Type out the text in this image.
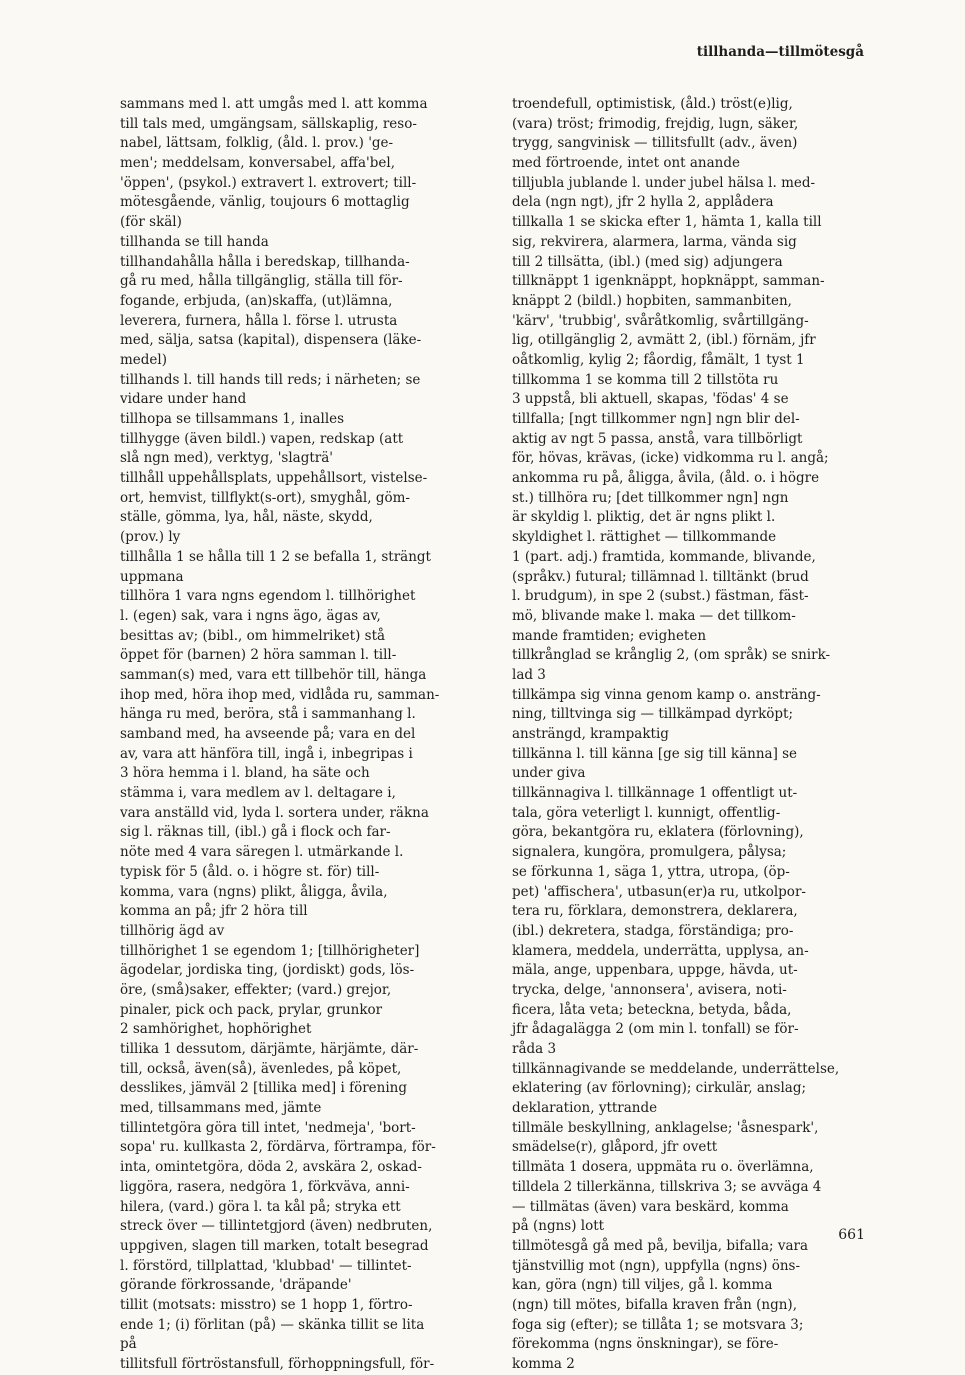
tillhanda—tillmötesgå
sammans med l. att umgås med l. att komma
till tals med, umgängsam, sällskaplig, reso-
nabel, lättsam, folklig, (åld. l. prov.) 'ge-
men'; meddelsam, konversabel, affa'bel,
'öppen', (psykol.) extravert l. extrovert; till-
mötesgående, vänlig, toujours 6 mottaglig
(för skäl)
tillhanda se till handa
tillhandahålla hålla i beredskap, tillhanda-
gå ru med, hålla tillgänglig, ställa till för-
fogande, erbjuda, (an)skaffa, (ut)lämna,
leverera, furnera, hålla l. förse l. utrusta
med, sälja, satsa (kapital), dispensera (läke-
medel)
tillhands l. till hands till reds; i närheten; se
vidare under hand
tillhopa se tillsammans 1, inalles
tillhygge (även bildl.) vapen, redskap (att
slå ngn med), verktyg, 'slagträ'
tillhåll uppehållsplats, uppehållsort, vistelse-
ort, hemvist, tillflykt(s-ort), smyghål, göm-
ställe, gömma, lya, hål, näste, skydd,
(prov.) ly
tillhålla 1 se hålla till 1 2 se befalla 1, strängt
uppmana
tillhöra 1 vara ngns egendom l. tillhörighet
l. (egen) sak, vara i ngns ägo, ägas av,
besittas av; (bibl., om himmelriket) stå
öppet för (barnen) 2 höra samman l. till-
samman(s) med, vara ett tillbehör till, hänga
ihop med, höra ihop med, vidlåda ru, samman-
hänga ru med, beröra, stå i sammanhang l.
samband med, ha avseende på; vara en del
av, vara att hänföra till, ingå i, inbegripas i
3 höra hemma i l. bland, ha säte och
stämma i, vara medlem av l. deltagare i,
vara anställd vid, lyda l. sortera under, räkna
sig l. räknas till, (ibl.) gå i flock och far-
nöte med 4 vara säregen l. utmärkande l.
typisk för 5 (åld. o. i högre st. för) till-
komma, vara (ngns) plikt, åligga, åvila,
komma an på; jfr 2 höra till
tillhörig ägd av
tillhörighet 1 se egendom 1; [tillhörigheter]
ägodelar, jordiska ting, (jordiskt) gods, lös-
öre, (små)saker, effekter; (vard.) grejor,
pinaler, pick och pack, prylar, grunkor
2 samhörighet, hophörighet
tillika 1 dessutom, därjämte, härjämte, där-
till, också, även(så), ävenledes, på köpet,
desslikes, jämväl 2 [tillika med] i förening
med, tillsammans med, jämte
tillintetgöra göra till intet, 'nedmeja', 'bort-
sopa' ru. kullkasta 2, fördärva, förtrampa, för-
inta, omintetgöra, döda 2, avskära 2, oskad-
liggöra, rasera, nedgöra 1, förkväva, anni-
hilera, (vard.) göra l. ta kål på; stryka ett
streck över — tillintetgjord (även) nedbruten,
uppgiven, slagen till marken, totalt besegrad
l. förstörd, tillplattad, 'klubbad' — tillintet-
görande förkrossande, 'dräpande'
tillit (motsats: misstro) se 1 hopp 1, förtro-
ende 1; (i) förlitan (på) — skänka tillit se lita
på
tillitsfull förtröstansfull, förhoppningsfull, för-
troendefull, optimistisk, (åld.) tröst(e)lig,
(vara) tröst; frimodig, frejdig, lugn, säker,
trygg, sangvinisk — tillitsfullt (adv., även)
med förtroende, intet ont anande
tilljubla jublande l. under jubel hälsa l. med-
dela (ngn ngt), jfr 2 hylla 2, applådera
tillkalla 1 se skicka efter 1, hämta 1, kalla till
sig, rekvirera, alarmera, larma, vända sig
till 2 tillsätta, (ibl.) (med sig) adjungera
tillknäppt 1 igenknäppt, hopknäppt, samman-
knäppt 2 (bildl.) hopbiten, sammanbiten,
'kärv', 'trubbig', svåråtkomlig, svårtillgäng-
lig, otillgänglig 2, avmätt 2, (ibl.) förnäm, jfr
oåtkomlig, kylig 2; fåordig, fåmält, 1 tyst 1
tillkomma 1 se komma till 2 tillstöta ru
3 uppstå, bli aktuell, skapas, 'födas' 4 se
tillfalla; [ngt tillkommer ngn] ngn blir del-
aktig av ngt 5 passa, anstå, vara tillbörligt
för, hövas, krävas, (icke) vidkomma ru l. angå;
ankomma ru på, åligga, åvila, (åld. o. i högre
st.) tillhöra ru; [det tillkommer ngn] ngn
är skyldig l. pliktig, det är ngns plikt l.
skyldighet l. rättighet — tillkommande
1 (part. adj.) framtida, kommande, blivande,
(språkv.) futural; tillämnad l. tilltänkt (brud
l. brudgum), in spe 2 (subst.) fästman, fäst-
mö, blivande make l. maka — det tillkom-
mande framtiden; evigheten
tillkrånglad se krånglig 2, (om språk) se snirk-
lad 3
tillkämpa sig vinna genom kamp o. ansträng-
ning, tilltvinga sig — tillkämpad dyrköpt;
ansträngd, krampaktig
tillkänna l. till känna [ge sig till känna] se
under giva
tillkännagiva l. tillkännage 1 offentligt ut-
tala, göra veterligt l. kunnigt, offentlig-
göra, bekantgöra ru, eklatera (förlovning),
signalera, kungöra, promulgera, pålysa;
se förkunna 1, säga 1, yttra, utropa, (öp-
pet) 'affischera', utbasun(er)a ru, utkolpor-
tera ru, förklara, demonstrera, deklarera,
(ibl.) dekretera, stadga, förständiga; pro-
klamera, meddela, underrätta, upplysa, an-
mäla, ange, uppenbara, uppge, hävda, ut-
trycka, delge, 'annonsera', avisera, noti-
ficera, låta veta; beteckna, betyda, båda,
jfr ådagalägga 2 (om min l. tonfall) se för-
råda 3
tillkännagivande se meddelande, underrättelse,
eklatering (av förlovning); cirkulär, anslag;
deklaration, yttrande
tillmäle beskyllning, anklagelse; 'åsnespark',
smädelse(r), glåpord, jfr ovett
tillmäta 1 dosera, uppmäta ru o. överlämna,
tilldela 2 tillerkänna, tillskriva 3; se avväga 4
— tillmätas (även) vara beskärd, komma
på (ngns) lott
tillmötesgå gå med på, bevilja, bifalla; vara
tjänstvillig mot (ngn), uppfylla (ngns) öns-
kan, göra (ngn) till viljes, gå l. komma
(ngn) till mötes, bifalla kraven från (ngn),
foga sig (efter); se tillåta 1; se motsvara 3;
förekomma (ngns önskningar), se före-
komma 2
661
